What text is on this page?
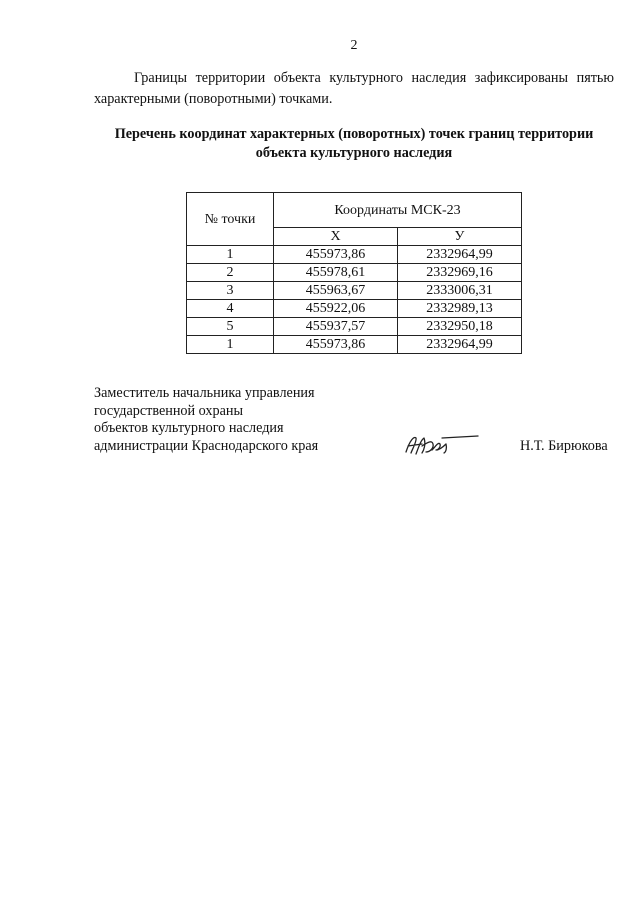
2
Границы территории объекта культурного наследия зафиксированы пятью характерными (поворотными) точками.
Перечень координат характерных (поворотных) точек границ территории объекта культурного наследия
№ точки	Координаты МСК-23	
	Х	У
1	455973,86	2332964,99
2	455978,61	2332969,16
3	455963,67	2333006,31
4	455922,06	2332989,13
5	455937,57	2332950,18
1	455973,86	2332964,99
Заместитель начальника управления
государственной охраны
объектов культурного наследия
администрации Краснодарского края	Н.Т. Бирюкова
